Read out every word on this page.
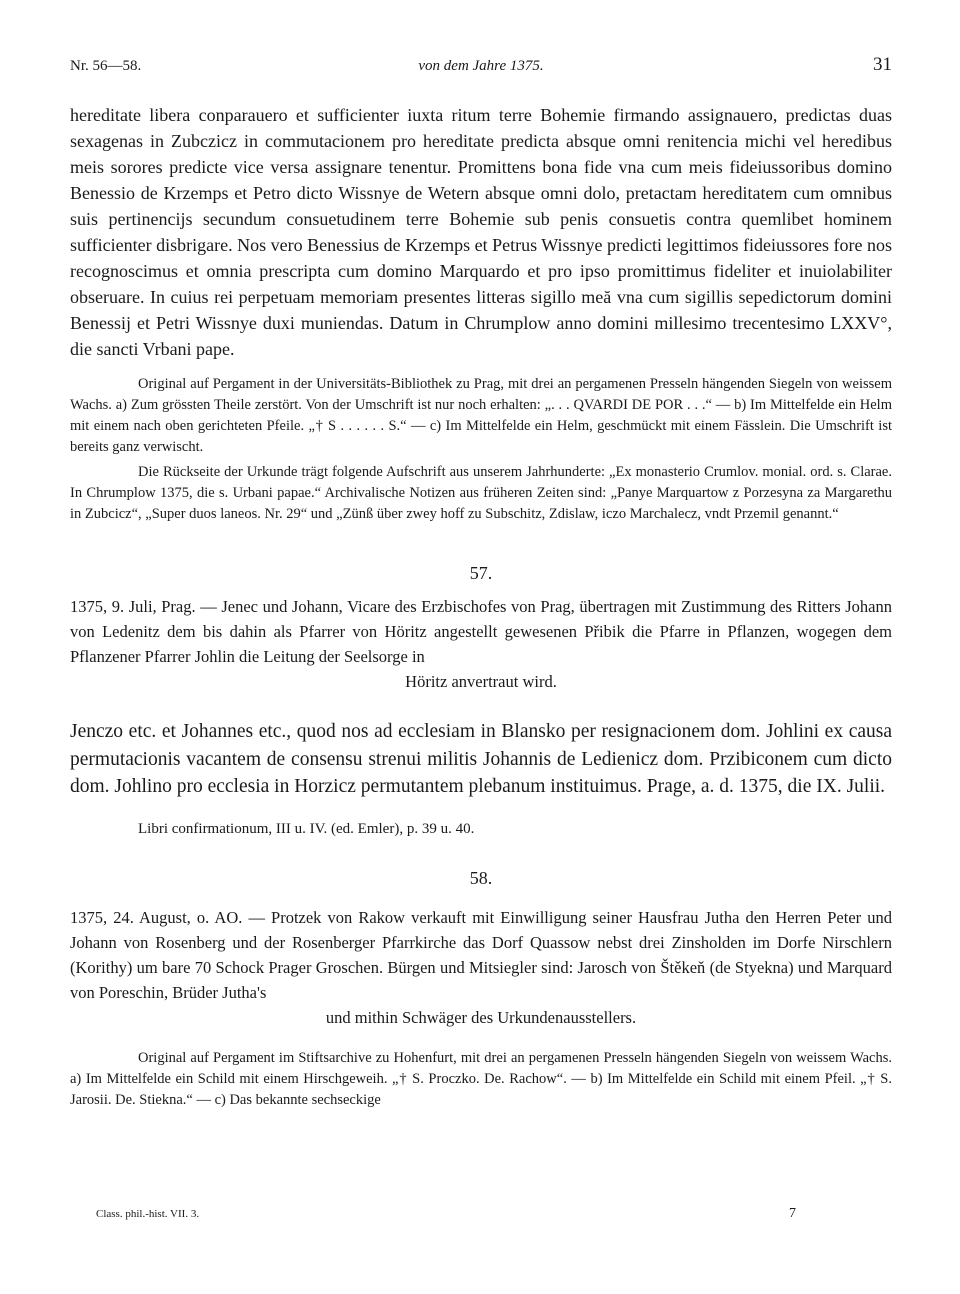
Nr. 56—58.	von dem Jahre 1375.	31

hereditate libera conparauero et sufficienter iuxta ritum terre Bohemie firmando assignauero, predictas duas sexagenas in Zubczicz in commutacionem pro hereditate predicta absque omni renitencia michi vel heredibus meis sorores predicte vice versa assignare tenentur. Promittens bona fide vna cum meis fideiussoribus domino Benessio de Krzemps et Petro dicto Wissnye de Wetern absque omni dolo, pretactam hereditatem cum omnibus suis pertinencijs secundum consuetudinem terre Bohemie sub penis consuetis contra quemlibet hominem sufficienter disbrigare. Nos vero Benessius de Krzemps et Petrus Wissnye predicti legittimos fideiussores fore nos recognoscimus et omnia prescripta cum domino Marquardo et pro ipso promittimus fideliter et inuiolabiliter obseruare. In cuius rei perpetuam memoriam presentes litteras sigillo meă vna cum sigillis sepedictorum domini Benessij et Petri Wissnye duxi muniendas. Datum in Chrumplow anno domini millesimo trecentesimo LXXV°, die sancti Vrbani pape.

Original auf Pergament in der Universitäts-Bibliothek zu Prag, mit drei an pergamenen Presseln hängenden Siegeln von weissem Wachs. a) Zum grössten Theile zerstört. Von der Umschrift ist nur noch erhalten: „. . . QVARDI DE POR . . .“ — b) Im Mittelfelde ein Helm mit einem nach oben gerichteten Pfeile. „† S . . . . . . S.“ — c) Im Mittelfelde ein Helm, geschmückt mit einem Fässlein. Die Umschrift ist bereits ganz verwischt.

Die Rückseite der Urkunde trägt folgende Aufschrift aus unserem Jahrhunderte: „Ex monasterio Crumlov. monial. ord. s. Clarae. In Chrumplow 1375, die s. Urbani papae.“ Archivalische Notizen aus früheren Zeiten sind: „Panye Marquartow z Porzesyna za Margarethu in Zubcicz“, „Super duos laneos. Nr. 29“ und „Zünß über zwey hoff zu Subschitz, Zdislaw, iczo Marchalecz, vndt Przemil genannt.“

57.

1375, 9. Juli, Prag. — Jenec und Johann, Vicare des Erzbischofes von Prag, übertragen mit Zustimmung des Ritters Johann von Ledenitz dem bis dahin als Pfarrer von Höritz angestellt gewesenen Přibik die Pfarre in Pflanzen, wogegen dem Pflanzener Pfarrer Johlin die Leitung der Seelsorge in
Höritz anvertraut wird.

Jenczo etc. et Johannes etc., quod nos ad ecclesiam in Blansko per resignacionem dom. Johlini ex causa permutacionis vacantem de consensu strenui militis Johannis de Ledienicz dom. Przibiconem cum dicto dom. Johlino pro ecclesia in Horzicz permutantem plebanum instituimus. Prage, a. d. 1375, die IX. Julii.

Libri confirmationum, III u. IV. (ed. Emler), p. 39 u. 40.

58.

1375, 24. August, o. AO. — Protzek von Rakow verkauft mit Einwilligung seiner Hausfrau Jutha den Herren Peter und Johann von Rosenberg und der Rosenberger Pfarrkirche das Dorf Quassow nebst drei Zinsholden im Dorfe Nirschlern (Korithy) um bare 70 Schock Prager Groschen. Bürgen und Mitsiegler sind: Jarosch von Štěkeň (de Styekna) und Marquard von Poreschin, Brüder Jutha's
und mithin Schwäger des Urkundenausstellers.

Original auf Pergament im Stiftsarchive zu Hohenfurt, mit drei an pergamenen Presseln hängenden Siegeln von weissem Wachs. a) Im Mittelfelde ein Schild mit einem Hirschgeweih. „† S. Proczko. De. Rachow“. — b) Im Mittelfelde ein Schild mit einem Pfeil. „† S. Jarosii. De. Stiekna.“ — c) Das bekannte sechseckige

Class. phil.-hist. VII. 3.	7
